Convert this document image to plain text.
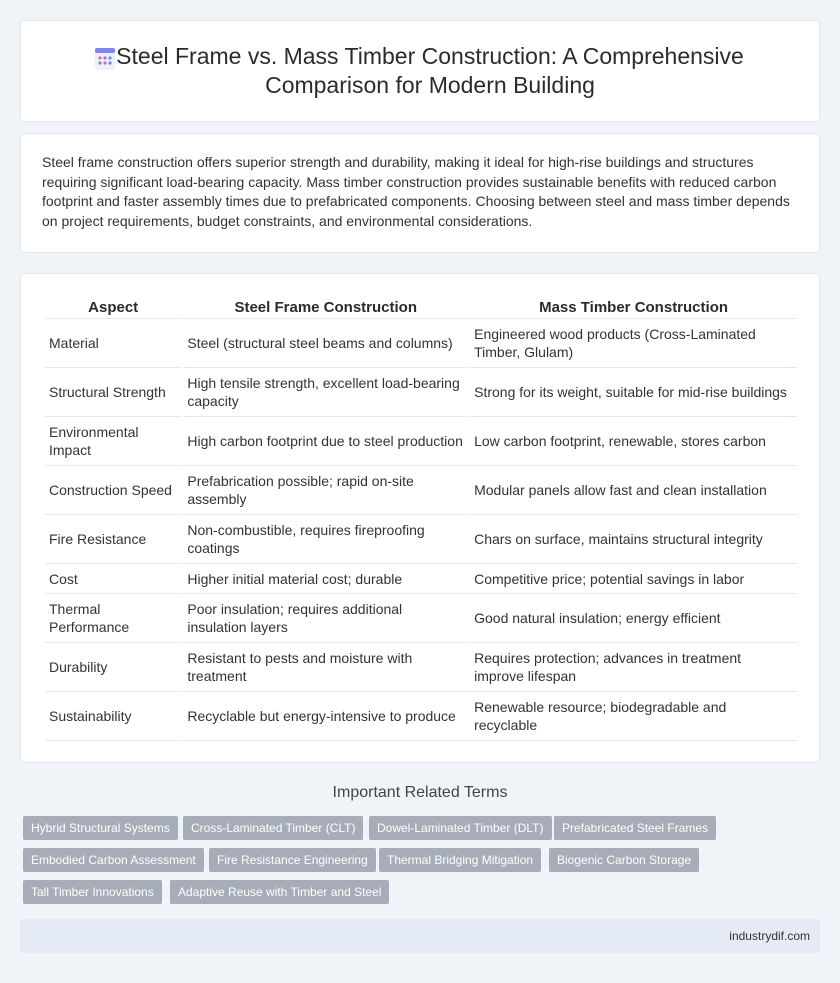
Steel Frame vs. Mass Timber Construction: A Comprehensive Comparison for Modern Building

Steel frame construction offers superior strength and durability, making it ideal for high-rise buildings and structures requiring significant load-bearing capacity. Mass timber construction provides sustainable benefits with reduced carbon footprint and faster assembly times due to prefabricated components. Choosing between steel and mass timber depends on project requirements, budget constraints, and environmental considerations.

Aspect	Steel Frame Construction	Mass Timber Construction
Material	Steel (structural steel beams and columns)	Engineered wood products (Cross-Laminated Timber, Glulam)
Structural Strength	High tensile strength, excellent load-bearing capacity	Strong for its weight, suitable for mid-rise buildings
Environmental Impact	High carbon footprint due to steel production	Low carbon footprint, renewable, stores carbon
Construction Speed	Prefabrication possible; rapid on-site assembly	Modular panels allow fast and clean installation
Fire Resistance	Non-combustible, requires fireproofing coatings	Chars on surface, maintains structural integrity
Cost	Higher initial material cost; durable	Competitive price; potential savings in labor
Thermal Performance	Poor insulation; requires additional insulation layers	Good natural insulation; energy efficient
Durability	Resistant to pests and moisture with treatment	Requires protection; advances in treatment improve lifespan
Sustainability	Recyclable but energy-intensive to produce	Renewable resource; biodegradable and recyclable
Important Related Terms
Hybrid Structural Systems	Cross-Laminated Timber (CLT)	Dowel-Laminated Timber (DLT)	Prefabricated Steel Frames
Embodied Carbon Assessment	Fire Resistance Engineering	Thermal Bridging Mitigation	Biogenic Carbon Storage
Tall Timber Innovations	Adaptive Reuse with Timber and Steel
industrydif.com
